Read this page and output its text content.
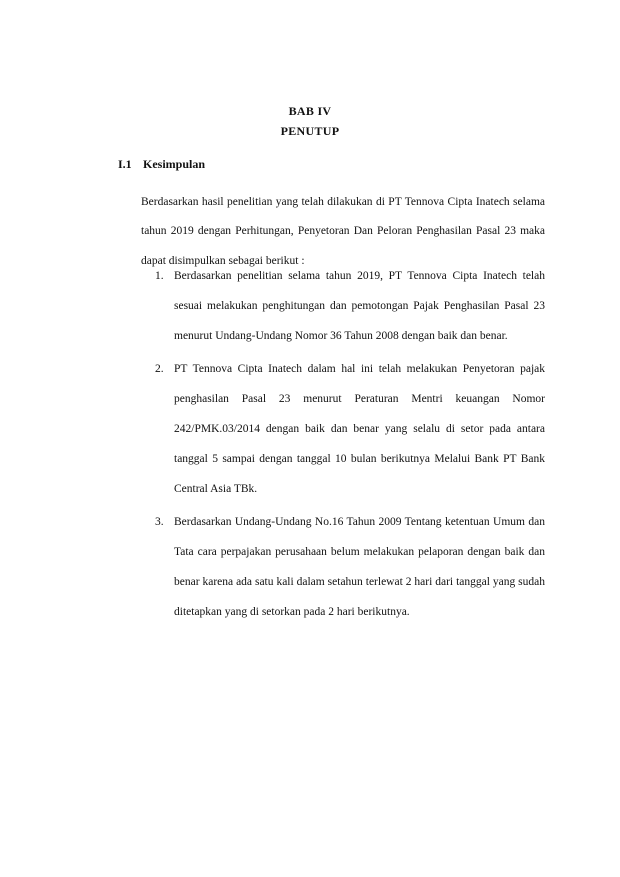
BAB IV
PENUTUP
I.1 Kesimpulan

Berdasarkan hasil penelitian yang telah dilakukan di PT Tennova Cipta Inatech selama tahun 2019 dengan Perhitungan, Penyetoran Dan Peloran Penghasilan Pasal 23 maka dapat disimpulkan sebagai berikut :

1. Berdasarkan penelitian selama tahun 2019, PT Tennova Cipta Inatech telah sesuai melakukan penghitungan dan pemotongan Pajak Penghasilan Pasal 23 menurut Undang-Undang Nomor 36 Tahun 2008 dengan baik dan benar.
2. PT Tennova Cipta Inatech dalam hal ini telah melakukan Penyetoran pajak penghasilan Pasal 23 menurut Peraturan Mentri keuangan Nomor 242/PMK.03/2014 dengan baik dan benar yang selalu di setor pada antara tanggal 5 sampai dengan tanggal 10 bulan berikutnya Melalui Bank PT Bank Central Asia TBk.
3. Berdasarkan Undang-Undang No.16 Tahun 2009 Tentang ketentuan Umum dan Tata cara perpajakan perusahaan belum melakukan pelaporan dengan baik dan benar karena ada satu kali dalam setahun terlewat 2 hari dari tanggal yang sudah ditetapkan yang di setorkan pada 2 hari berikutnya.
